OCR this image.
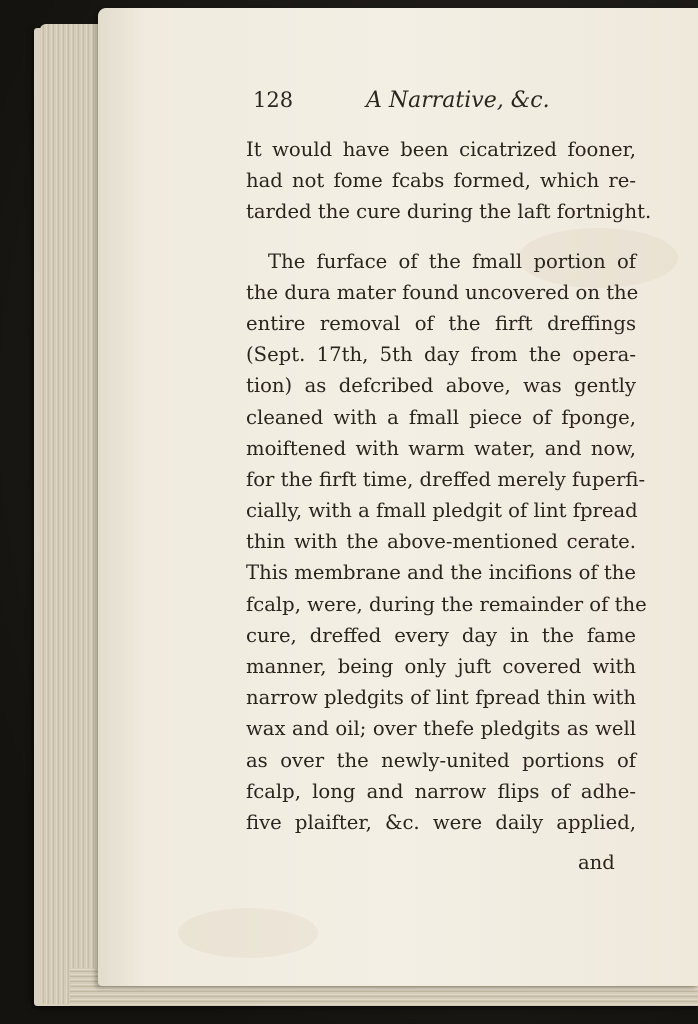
128	A Narrative, &c.
It would have been cicatrized fooner,
had not fome fcabs formed, which re-
tarded the cure during the laft fortnight.
The furface of the fmall portion of
the dura mater found uncovered on the
entire removal of the firft dreffings
(Sept. 17th, 5th day from the opera-
tion) as defcribed above, was gently
cleaned with a fmall piece of fponge,
moiftened with warm water, and now,
for the firft time, dreffed merely fuperfi-
cially, with a fmall pledgit of lint fpread
thin with the above-mentioned cerate.
This membrane and the incifions of the
fcalp, were, during the remainder of the
cure, dreffed every day in the fame
manner, being only juft covered with
narrow pledgits of lint fpread thin with
wax and oil; over thefe pledgits as well
as over the newly-united portions of
fcalp, long and narrow flips of adhe-
five plaifter, &c. were daily applied,
and
